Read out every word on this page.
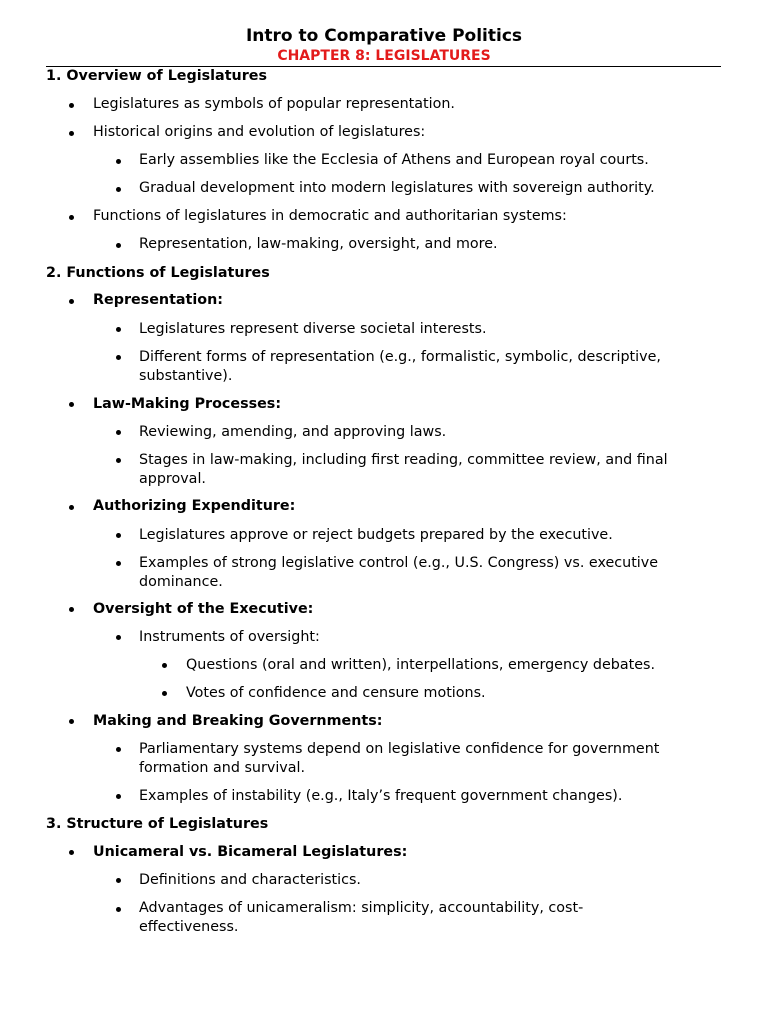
Intro to Comparative Politics
CHAPTER 8: LEGISLATURES
1. Overview of Legislatures
Legislatures as symbols of popular representation.
Historical origins and evolution of legislatures:
Early assemblies like the Ecclesia of Athens and European royal courts.
Gradual development into modern legislatures with sovereign authority.
Functions of legislatures in democratic and authoritarian systems:
Representation, law-making, oversight, and more.
2. Functions of Legislatures
Representation:
Legislatures represent diverse societal interests.
Different forms of representation (e.g., formalistic, symbolic, descriptive, substantive).
Law-Making Processes:
Reviewing, amending, and approving laws.
Stages in law-making, including first reading, committee review, and final approval.
Authorizing Expenditure:
Legislatures approve or reject budgets prepared by the executive.
Examples of strong legislative control (e.g., U.S. Congress) vs. executive dominance.
Oversight of the Executive:
Instruments of oversight:
Questions (oral and written), interpellations, emergency debates.
Votes of confidence and censure motions.
Making and Breaking Governments:
Parliamentary systems depend on legislative confidence for government formation and survival.
Examples of instability (e.g., Italy’s frequent government changes).
3. Structure of Legislatures
Unicameral vs. Bicameral Legislatures:
Definitions and characteristics.
Advantages of unicameralism: simplicity, accountability, cost-effectiveness.
